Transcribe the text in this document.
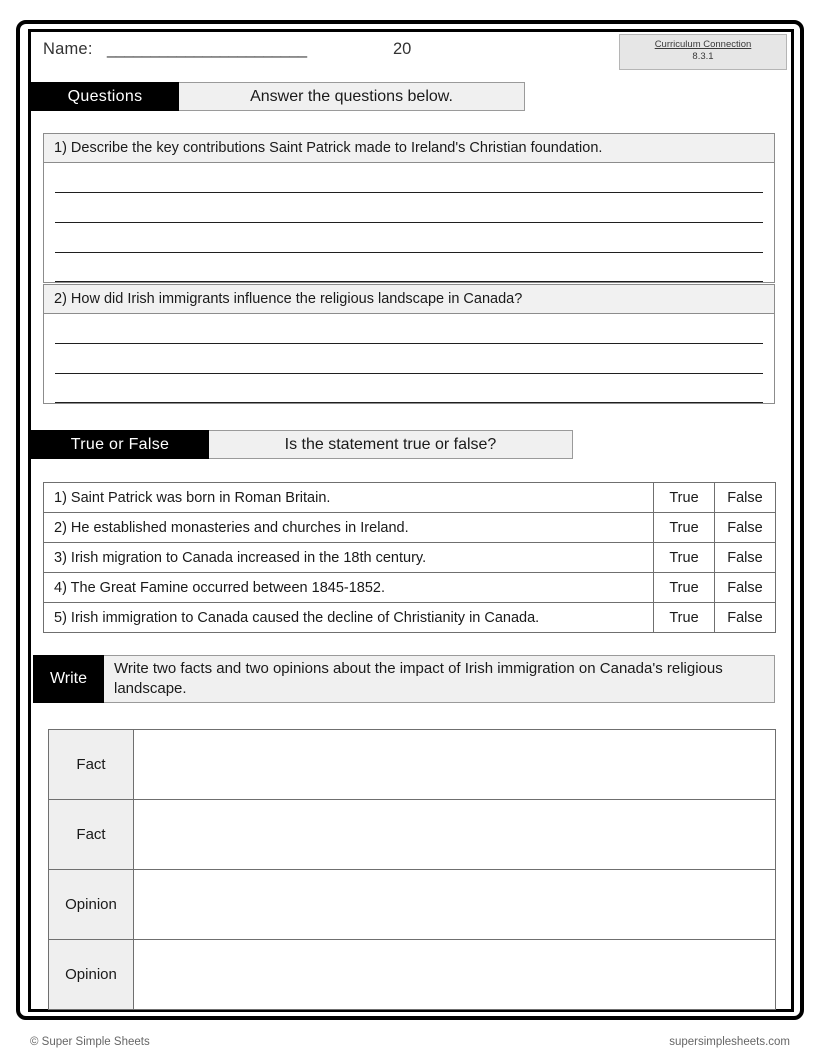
Name: _______________________	20	Curriculum Connection
8.3.1
Questions	Answer the questions below.
1) Describe the key contributions Saint Patrick made to Ireland's Christian foundation.
2) How did Irish immigrants influence the religious landscape in Canada?
True or False	Is the statement true or false?
1) Saint Patrick was born in Roman Britain.	True	False
2) He established monasteries and churches in Ireland.	True	False
3) Irish migration to Canada increased in the 18th century.	True	False
4) The Great Famine occurred between 1845-1852.	True	False
5) Irish immigration to Canada caused the decline of Christianity in Canada.	True	False
Write
Write two facts and two opinions about the impact of Irish immigration on Canada's religious landscape.
Fact	
Fact	
Opinion	
Opinion	
© Super Simple Sheets	supersimplesheets.com
